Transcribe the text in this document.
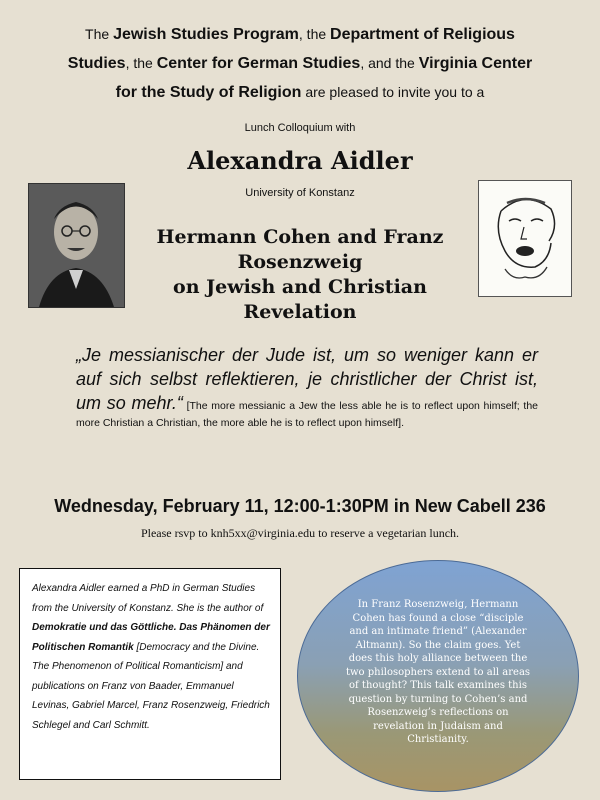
The Jewish Studies Program, the Department of Religious Studies, the Center for German Studies, and the Virginia Center for the Study of Religion are pleased to invite you to a
Lunch Colloquium with
Alexandra Aidler
University of Konstanz
Hermann Cohen and Franz Rosenzweig
on Jewish and Christian Revelation
„Je messianischer der Jude ist, um so weniger kann er auf sich selbst reflektieren, je christlicher der Christ ist, um so mehr.“ [The more messianic a Jew the less able he is to reflect upon himself; the more Christian a Christian, the more able he is to reflect upon himself].
Wednesday, February 11, 12:00-1:30PM in New Cabell 236
Please rsvp to knh5xx@virginia.edu to reserve a vegetarian lunch.
Alexandra Aidler earned a PhD in German Studies from the University of Konstanz. She is the author of Demokratie und das Göttliche. Das Phänomen der Politischen Romantik [Democracy and the Divine. The Phenomenon of Political Romanticism] and publications on Franz von Baader, Emmanuel Levinas, Gabriel Marcel, Franz Rosenzweig, Friedrich Schlegel and Carl Schmitt.
In Franz Rosenzweig, Hermann Cohen has found a close “disciple and an intimate friend” (Alexander Altmann). So the claim goes. Yet does this holy alliance between the two philosophers extend to all areas of thought? This talk examines this question by turning to Cohen’s and Rosenzweig’s reflections on revelation in Judaism and Christianity.
